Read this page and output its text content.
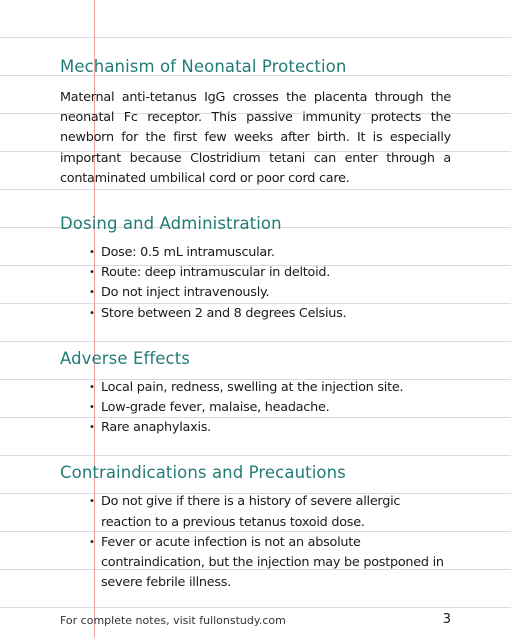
Mechanism of Neonatal Protection

Maternal anti-tetanus IgG crosses the placenta through the neonatal Fc receptor. This passive immunity protects the newborn for the first few weeks after birth. It is especially important because Clostridium tetani can enter through a contaminated umbilical cord or poor cord care.

Dosing and Administration
• Dose: 0.5 mL intramuscular.
• Route: deep intramuscular in deltoid.
• Do not inject intravenously.
• Store between 2 and 8 degrees Celsius.
Adverse Effects
• Local pain, redness, swelling at the injection site.
• Low-grade fever, malaise, headache.
• Rare anaphylaxis.
Contraindications and Precautions
• Do not give if there is a history of severe allergic reaction to a previous tetanus toxoid dose.
• Fever or acute infection is not an absolute contraindication, but the injection may be postponed in severe febrile illness.
For complete notes, visit fullonstudy.com	3
